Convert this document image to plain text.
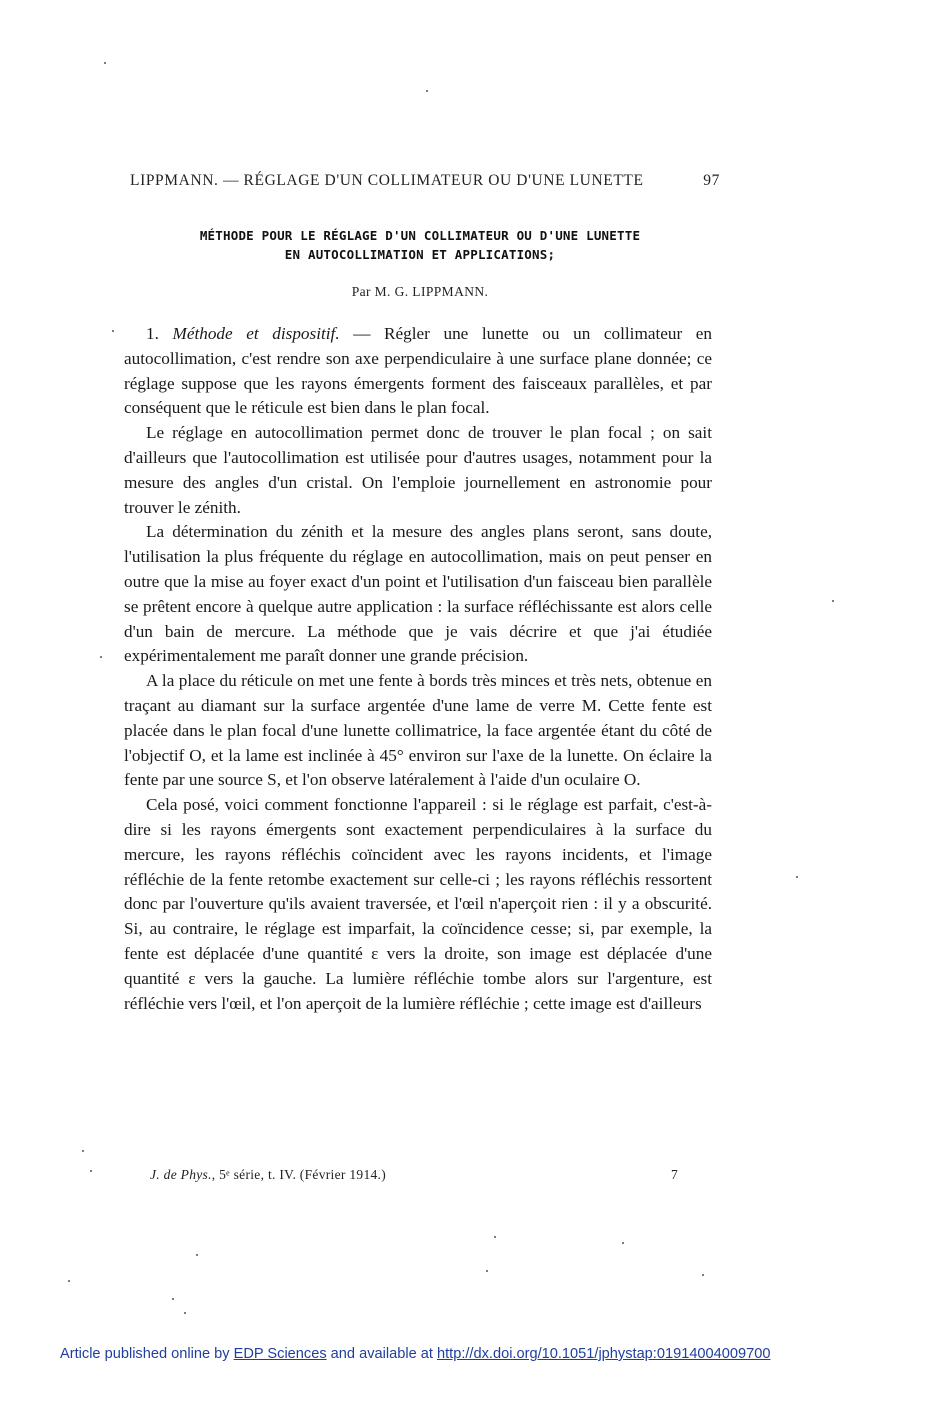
LIPPMANN. — RÉGLAGE D'UN COLLIMATEUR OU D'UNE LUNETTE	97
MÉTHODE POUR LE RÉGLAGE D'UN COLLIMATEUR OU D'UNE LUNETTE
EN AUTOCOLLIMATION ET APPLICATIONS;
Par M. G. LIPPMANN.

1. Méthode et dispositif. — Régler une lunette ou un collimateur en autocollimation, c'est rendre son axe perpendiculaire à une surface plane donnée; ce réglage suppose que les rayons émergents forment des faisceaux parallèles, et par conséquent que le réticule est bien dans le plan focal.

Le réglage en autocollimation permet donc de trouver le plan focal ; on sait d'ailleurs que l'autocollimation est utilisée pour d'autres usages, notamment pour la mesure des angles d'un cristal. On l'emploie journellement en astronomie pour trouver le zénith.

La détermination du zénith et la mesure des angles plans seront, sans doute, l'utilisation la plus fréquente du réglage en autocollimation, mais on peut penser en outre que la mise au foyer exact d'un point et l'utilisation d'un faisceau bien parallèle se prêtent encore à quelque autre application : la surface réfléchissante est alors celle d'un bain de mercure. La méthode que je vais décrire et que j'ai étudiée expérimentalement me paraît donner une grande précision.

A la place du réticule on met une fente à bords très minces et très nets, obtenue en traçant au diamant sur la surface argentée d'une lame de verre M. Cette fente est placée dans le plan focal d'une lunette collimatrice, la face argentée étant du côté de l'objectif O, et la lame est inclinée à 45° environ sur l'axe de la lunette. On éclaire la fente par une source S, et l'on observe latéralement à l'aide d'un oculaire O.

Cela posé, voici comment fonctionne l'appareil : si le réglage est parfait, c'est-à-dire si les rayons émergents sont exactement perpendiculaires à la surface du mercure, les rayons réfléchis coïncident avec les rayons incidents, et l'image réfléchie de la fente retombe exactement sur celle-ci ; les rayons réfléchis ressortent donc par l'ouverture qu'ils avaient traversée, et l'œil n'aperçoit rien : il y a obscurité. Si, au contraire, le réglage est imparfait, la coïncidence cesse; si, par exemple, la fente est déplacée d'une quantité ε vers la droite, son image est déplacée d'une quantité ε vers la gauche. La lumière réfléchie tombe alors sur l'argenture, est réfléchie vers l'œil, et l'on aperçoit de la lumière réfléchie ; cette image est d'ailleurs

J. de Phys., 5ᵉ série, t. IV. (Février 1914.)	7
Article published online by EDP Sciences and available at http://dx.doi.org/10.1051/jphystap:01914004009700
